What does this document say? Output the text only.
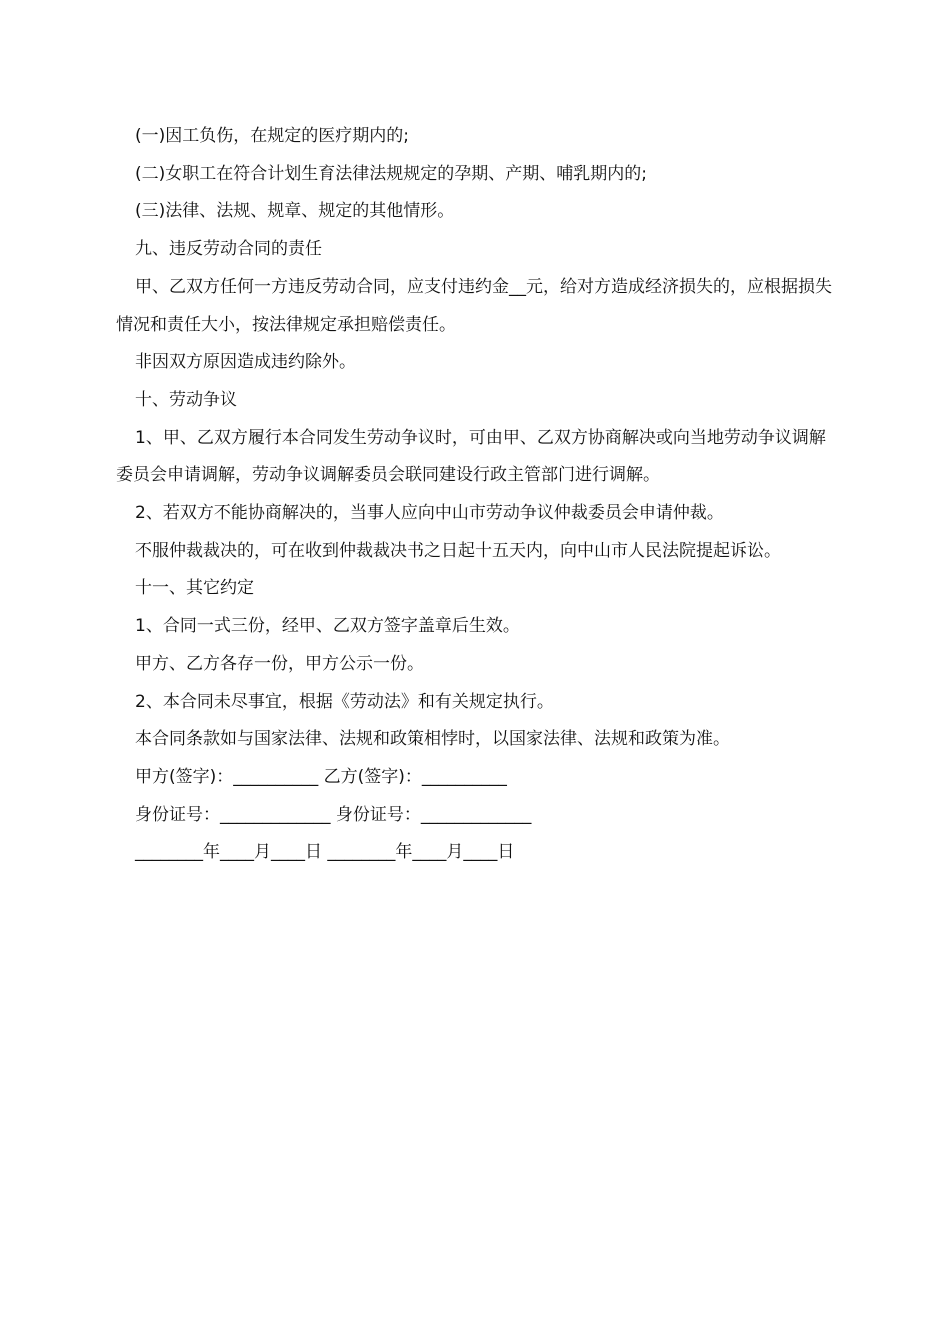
(一)因工负伤，在规定的医疗期内的;

(二)女职工在符合计划生育法律法规规定的孕期、产期、哺乳期内的;

(三)法律、法规、规章、规定的其他情形。

九、违反劳动合同的责任

甲、乙双方任何一方违反劳动合同，应支付违约金__元，给对方造成经济损失的，应根据损失情况和责任大小，按法律规定承担赔偿责任。

非因双方原因造成违约除外。

十、劳动争议

1、甲、乙双方履行本合同发生劳动争议时，可由甲、乙双方协商解决或向当地劳动争议调解委员会申请调解，劳动争议调解委员会联同建设行政主管部门进行调解。

2、若双方不能协商解决的，当事人应向中山市劳动争议仲裁委员会申请仲裁。

不服仲裁裁决的，可在收到仲裁裁决书之日起十五天内，向中山市人民法院提起诉讼。

十一、其它约定

1、合同一式三份，经甲、乙双方签字盖章后生效。

甲方、乙方各存一份，甲方公示一份。

2、本合同未尽事宜，根据《劳动法》和有关规定执行。

本合同条款如与国家法律、法规和政策相悖时，以国家法律、法规和政策为准。

甲方(签字)：__________ 乙方(签字)：__________

身份证号：_____________ 身份证号：_____________

________年____月____日 ________年____月____日
